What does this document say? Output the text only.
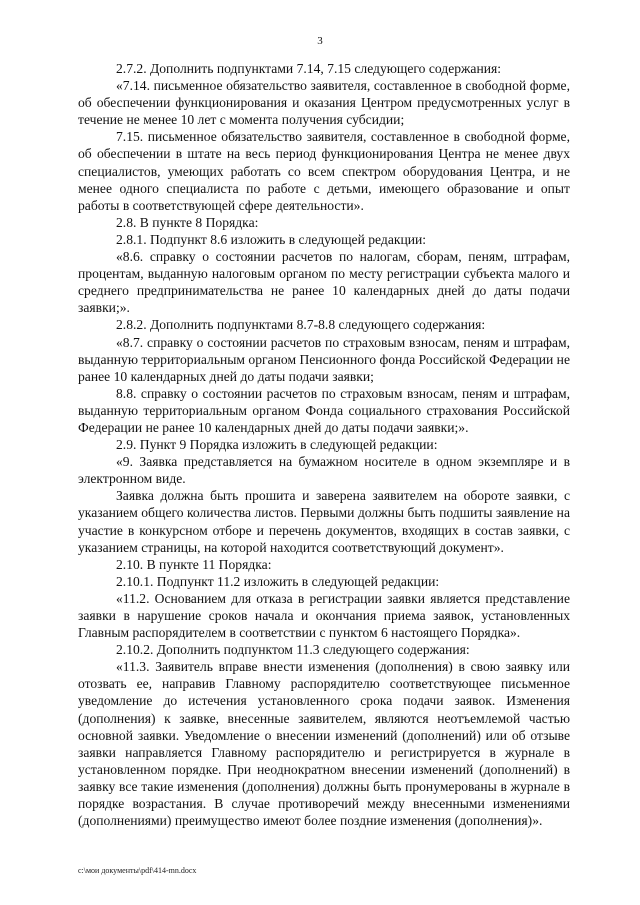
3

2.7.2. Дополнить подпунктами 7.14, 7.15 следующего содержания:

«7.14. письменное обязательство заявителя, составленное в свободной форме, об обеспечении функционирования и оказания Центром предусмотренных услуг в течение не менее 10 лет с момента получения субсидии;

7.15. письменное обязательство заявителя, составленное в свободной форме, об обеспечении в штате на весь период функционирования Центра не менее двух специалистов, умеющих работать со всем спектром оборудования Центра, и не менее одного специалиста по работе с детьми, имеющего образование и опыт работы в соответствующей сфере деятельности».

2.8. В пункте 8 Порядка:

2.8.1. Подпункт 8.6 изложить в следующей редакции:

«8.6. справку о состоянии расчетов по налогам, сборам, пеням, штрафам, процентам, выданную налоговым органом по месту регистрации субъекта малого и среднего предпринимательства не ранее 10 календарных дней до даты подачи заявки;».

2.8.2. Дополнить подпунктами 8.7-8.8 следующего содержания:

«8.7. справку о состоянии расчетов по страховым взносам, пеням и штрафам, выданную территориальным органом Пенсионного фонда Российской Федерации не ранее 10 календарных дней до даты подачи заявки;

8.8. справку о состоянии расчетов по страховым взносам, пеням и штрафам, выданную территориальным органом Фонда социального страхования Российской Федерации не ранее 10 календарных дней до даты подачи заявки;».

2.9. Пункт 9 Порядка изложить в следующей редакции:

«9. Заявка представляется на бумажном носителе в одном экземпляре и в электронном виде.

Заявка должна быть прошита и заверена заявителем на обороте заявки, с указанием общего количества листов. Первыми должны быть подшиты заявление на участие в конкурсном отборе и перечень документов, входящих в состав заявки, с указанием страницы, на которой находится соответствующий документ».

2.10. В пункте 11 Порядка:

2.10.1. Подпункт 11.2 изложить в следующей редакции:

«11.2. Основанием для отказа в регистрации заявки является представление заявки в нарушение сроков начала и окончания приема заявок, установленных Главным распорядителем в соответствии с пунктом 6 настоящего Порядка».

2.10.2. Дополнить подпунктом 11.3 следующего содержания:

«11.3. Заявитель вправе внести изменения (дополнения) в свою заявку или отозвать ее, направив Главному распорядителю соответствующее письменное уведомление до истечения установленного срока подачи заявок. Изменения (дополнения) к заявке, внесенные заявителем, являются неотъемлемой частью основной заявки. Уведомление о внесении изменений (дополнений) или об отзыве заявки направляется Главному распорядителю и регистрируется в журнале в установленном порядке. При неоднократном внесении изменений (дополнений) в заявку все такие изменения (дополнения) должны быть пронумерованы в журнале в порядке возрастания. В случае противоречий между внесенными изменениями (дополнениями) преимущество имеют более поздние изменения (дополнения)».

c:\мои документы\pdf\414-mn.docx
